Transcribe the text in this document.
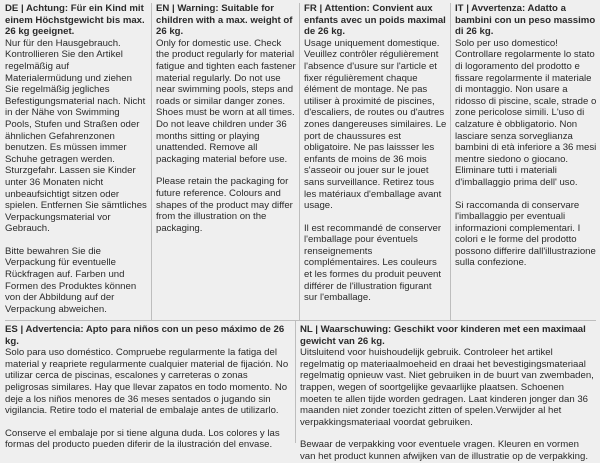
DE | Achtung: Für ein Kind mit einem Höchstgewicht bis max. 26 kg geeignet.
Nur für den Hausgebrauch. Kontrollieren Sie den Artikel regelmäßig auf Materialermüdung und ziehen Sie regelmäßig jegliches Befestigungsmaterial nach. Nicht in der Nähe von Swimming Pools, Stufen und Straßen oder ähnlichen Gefahrenzonen benutzen. Es müssen immer Schuhe getragen werden. Sturzgefahr. Lassen sie Kinder unter 36 Monaten nicht unbeaufsichtigt sitzen oder spielen. Entfernen Sie sämtliches Verpackungsmaterial vor Gebrauch.
Bitte bewahren Sie die Verpackung für eventuelle Rückfragen auf. Farben und Formen des Produktes können von der Abbildung auf der Verpackung abweichen.
EN | Warning: Suitable for children with a max. weight of 26 kg.
Only for domestic use. Check the product regularly for material fatigue and tighten each fastener material regularly. Do not use near swimming pools, steps and roads or similar danger zones. Shoes must be worn at all times. Do not leave children under 36 months sitting or playing unattended. Remove all packaging material before use.
Please retain the packaging for future reference. Colours and shapes of the product may differ from the illustration on the packaging.
FR | Attention: Convient aux enfants avec un poids maximal de 26 kg.
Usage uniquement domestique. Veuillez contrôler régulièrement l'absence d'usure sur l'article et fixer régulièrement chaque élément de montage. Ne pas utiliser à proximité de piscines, d'escaliers, de routes ou d'autres zones dangereuses similaires. Le port de chaussures est obligatoire. Ne pas laissser les enfants de moins de 36 mois s'asseoir ou jouer sur le jouet sans surveillance. Retirez tous les matériaux d'emballage avant usage.
Il est recommandé de conserver l'emballage pour éventuels renseignements complémentaires. Les couleurs et les formes du produit peuvent différer de l'illustration figurant sur l'emballage.
IT | Avvertenza: Adatto a bambini con un peso massimo di 26 kg.
Solo per uso domestico! Controllare regolarmente lo stato di logoramento del prodotto e fissare regolarmente il materiale di montaggio. Non usare a ridosso di piscine, scale, strade o zone pericolose simili. L'uso di calzature è obbligatorio. Non lasciare senza sorveglianza bambini di età inferiore a 36 mesi mentre siedono o giocano. Eliminare tutti i materiali d'imballaggio prima dell' uso.
Si raccomanda di conservare l'imballaggio per eventuali informazioni complementari. I colori e le forme del prodotto possono differire dall'illustrazione sulla confezione.
ES | Advertencia: Apto para niños con un peso máximo de 26 kg.
Solo para uso doméstico. Compruebe regularmente la fatiga del material y reapriete regularmente cualquier material de fijación. No utilizar cerca de piscinas, escalones y carreteras o zonas peligrosas similares. Hay que llevar zapatos en todo momento. No deje a los niños menores de 36 meses sentados o jugando sin vigilancia. Retire todo el material de embalaje antes de utilizarlo.
Conserve el embalaje por si tiene alguna duda. Los colores y las formas del producto pueden diferir de la ilustración del envase.
NL | Waarschuwing: Geschikt voor kinderen met een maximaal gewicht van 26 kg.
Uitsluitend voor huishoudelijk gebruik. Controleer het artikel regelmatig op materiaalmoeheid en draai het bevestigingsmateriaal regelmatig opnieuw vast. Niet gebruiken in de buurt van zwembaden, trappen, wegen of soortgelijke gevaarlijke plaatsen. Schoenen moeten te allen tijde worden gedragen. Laat kinderen jonger dan 36 maanden niet zonder toezicht zitten of spelen.Verwijder al het verpakkingsmateriaal voordat gebruiken.
Bewaar de verpakking voor eventuele vragen. Kleuren en vormen van het product kunnen afwijken van de illustratie op de verpakking.
